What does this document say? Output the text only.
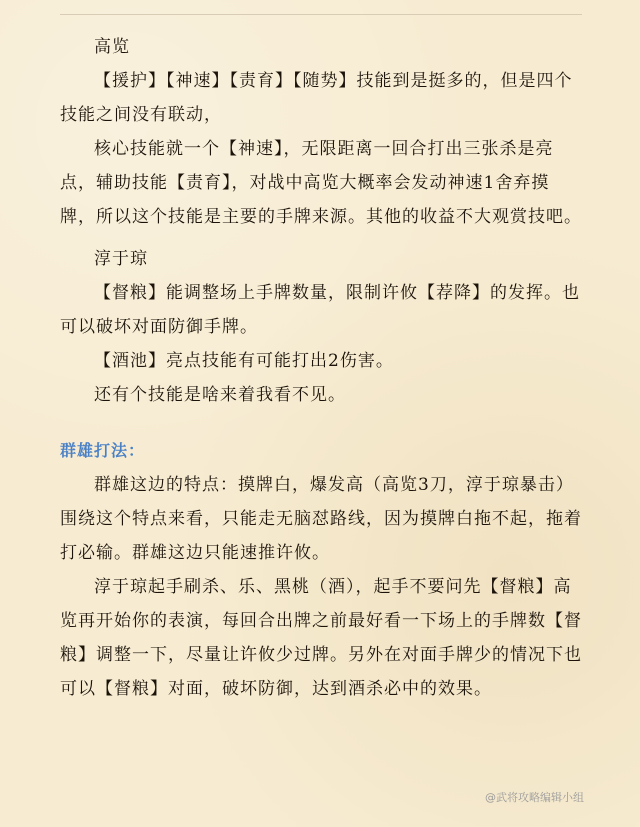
高览

【援护】【神速】【责育】【随势】技能到是挺多的，但是四个技能之间没有联动，

核心技能就一个【神速】，无限距离一回合打出三张杀是亮点，辅助技能【责育】，对战中高览大概率会发动神速1舍弃摸牌，所以这个技能是主要的手牌来源。其他的收益不大观赏技吧。

淳于琼

【督粮】能调整场上手牌数量，限制许攸【荐降】的发挥。也可以破坏对面防御手牌。

【酒池】亮点技能有可能打出2伤害。

还有个技能是啥来着我看不见。

群雄打法：

群雄这边的特点：摸牌白，爆发高（高览3刀，淳于琼暴击）围绕这个特点来看，只能走无脑怼路线，因为摸牌白拖不起，拖着打必输。群雄这边只能速推许攸。

淳于琼起手刷杀、乐、黑桃（酒），起手不要问先【督粮】高览再开始你的表演，每回合出牌之前最好看一下场上的手牌数【督粮】调整一下，尽量让许攸少过牌。另外在对面手牌少的情况下也可以【督粮】对面，破坏防御，达到酒杀必中的效果。

@武将攻略编辑小组
